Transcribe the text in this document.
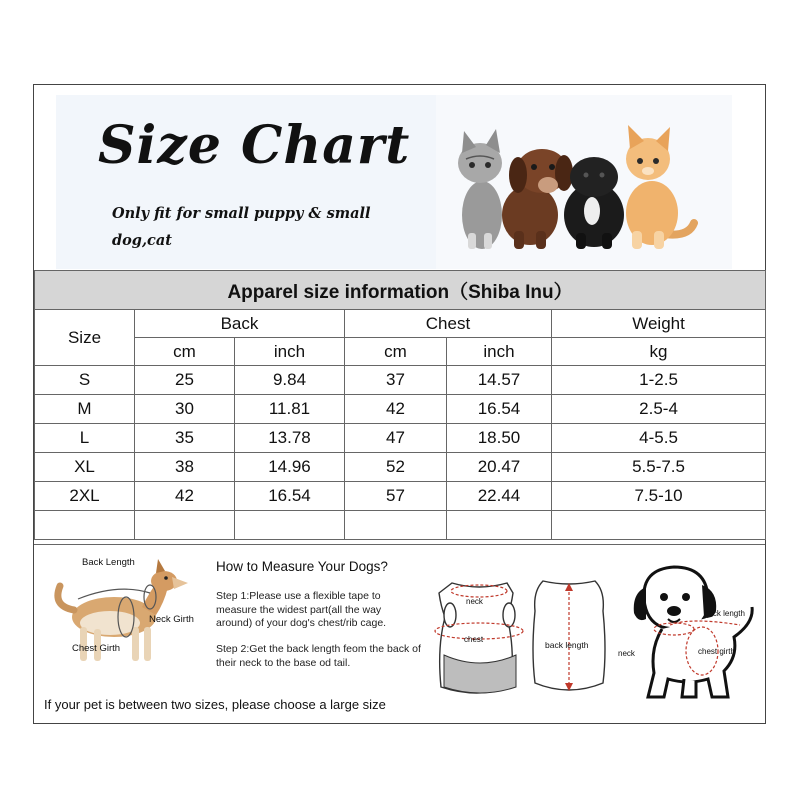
Size Chart
Only fit for small puppy & small dog,cat
Apparel size information（Shiba Inu）					
Size	Back		Chest		Weight
	cm	inch	cm	inch	kg
S	25	9.84	37	14.57	1-2.5
M	30	11.81	42	16.54	2.5-4
L	35	13.78	47	18.50	4-5.5
XL	38	14.96	52	20.47	5.5-7.5
2XL	42	16.54	57	22.44	7.5-10

Back Length
Neck Girth
Chest Girth
How to Measure Your Dogs?
Step 1:Please use a flexible tape to measure the widest part(all the way around) of your dog's chest/rib cage.
Step 2:Get the back length feom the back of their neck to the base od tail.
If your pet is between two sizes, please choose a large size
neck
chest
back length
back length
neck	chest girth
